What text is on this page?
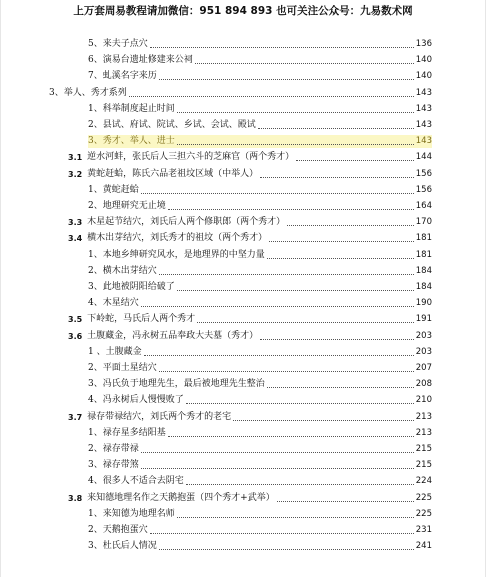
上万套周易教程请加微信：951 894 893 也可关注公众号：九易数术网
5、来夫子点穴	136
6、演易台遗址修建来公祠	140
7、虬溪名字来历	140
3、举人、秀才系列	143
1、科举制度起止时间	143
2、县试、府试、院试、乡试、会试、殿试	143
3、秀才、举人、进士	143
3.1 逆水河蚌，张氏后人三担六斗的芝麻官（两个秀才）	144
3.2 黄蛇赶蛤，陈氏六品老祖坟区域（中举人）	156
1、黄蛇赶蛤	156
2、地理研究无止境	164
3.3 木星起节结穴，刘氏后人两个修职郎（两个秀才）	170
3.4 横木出芽结穴，刘氏秀才的祖坟（两个秀才）	181
1、本地乡绅研究风水，是地理界的中坚力量	181
2、横木出芽结穴	184
3、此地被阴阳给破了	184
4、木星结穴	190
3.5 下岭蛇，马氏后人两个秀才	191
3.6 土腹藏金，冯永树五品奉政大夫墓（秀才）	203
1 、土腹藏金	203
2、平面土星结穴	207
3、冯氏负于地理先生，最后被地理先生整治	208
4、冯永树后人慢慢败了	210
3.7 禄存带禄结穴，刘氏两个秀才的老宅	213
1、禄存星多结阳基	213
2、禄存带禄	215
3、禄存带煞	215
4、很多人不适合去阴宅	224
3.8 来知德地理名作之天鹅抱蛋（四个秀才+武举）	225
1、来知德为地理名师	225
2、天鹅抱蛋穴	231
3、杜氏后人情况	241
